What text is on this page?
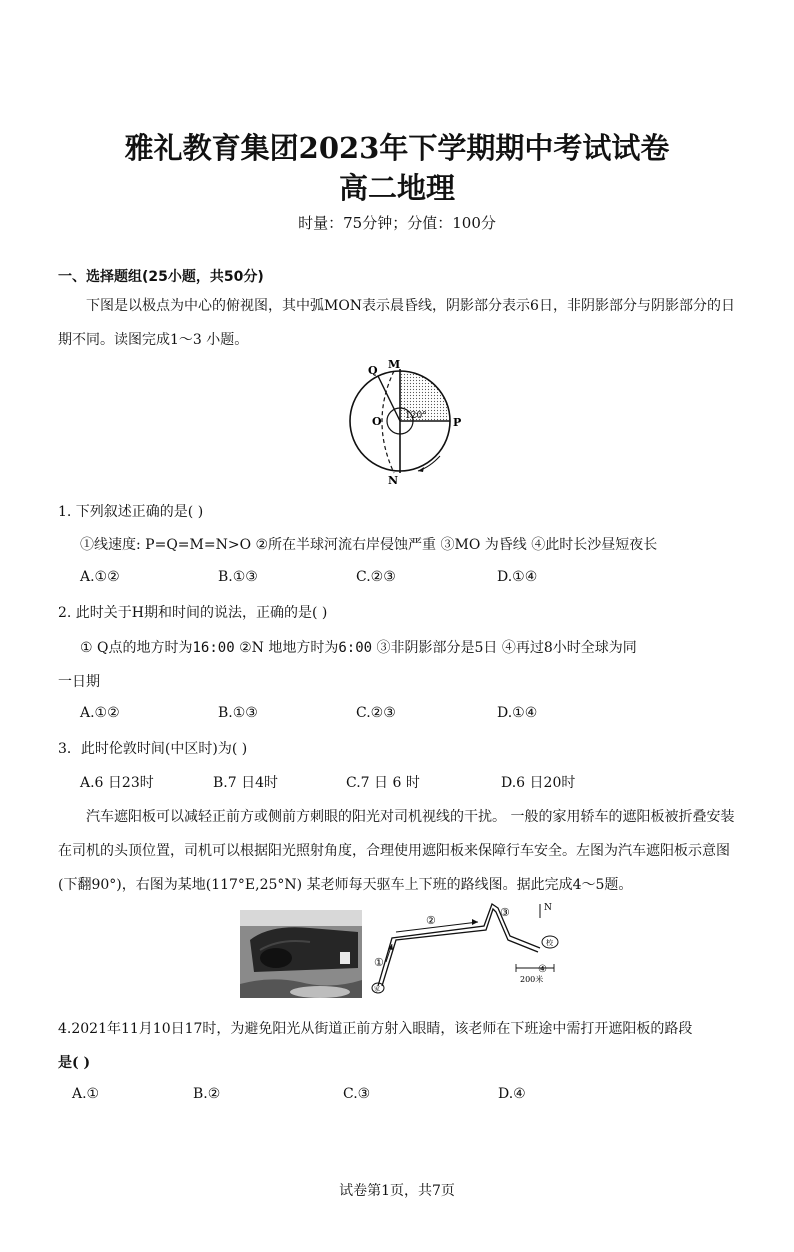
雅礼教育集团2023年下学期期中考试试卷
高二地理
时量：75分钟；分值：100分
一、选择题组(25小题，共50分)
下图是以极点为中心的俯视图，其中弧MON表示晨昏线，阴影部分表示6日，非阴影部分与阴影部分的日期不同。读图完成1～3 小题。
Q M
O	P
N
120°
1. 下列叙述正确的是( )
①线速度: P=Q=M=N>O ②所在半球河流右岸侵蚀严重 ③MO 为昏线 ④此时长沙昼短夜长
A.①②	B.①③	C.②③	D.①④
2. 此时关于H期和时间的说法，正确的是( )
① Q点的地方时为16:00 ②N 地地方时为6:00 ③非阴影部分是5日 ④再过8小时全球为同
一日期
A.①②	B.①③	C.②③	D.①④
3．此时伦敦时间(中区时)为( )
A.6 日23时	B.7 日4时	C.7 日 6 时	D.6 日20时
汽车遮阳板可以减轻正前方或侧前方刺眼的阳光对司机视线的干扰。 一般的家用轿车的遮阳板被折叠安装在司机的头顶位置，司机可以根据阳光照射角度，合理使用遮阳板来保障行车安全。左图为汽车遮阳板示意图(下翻90°)，右图为某地(117°E,25°N) 某老师每天驱车上下班的路线图。据此完成4～5题。
①
②
③
④
家
校
N
200米
4.2021年11月10日17时，为避免阳光从街道正前方射入眼睛，该老师在下班途中需打开遮阳板的路段
是( )
A.①	B.②	C.③	D.④
试卷第1页，共7页
